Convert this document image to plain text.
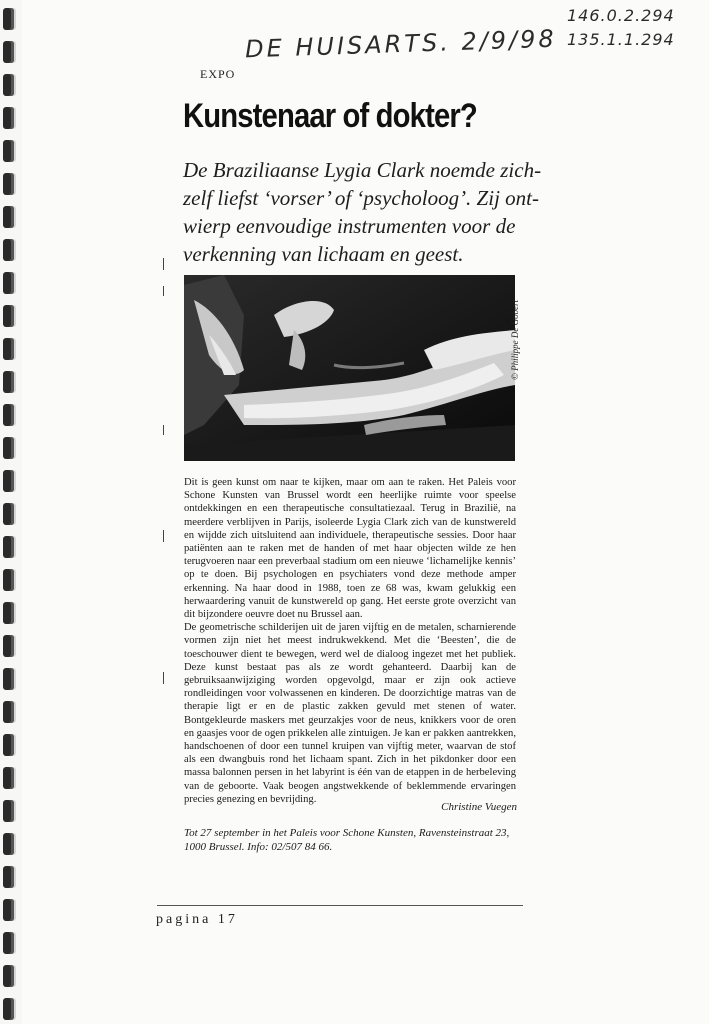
DE HUISARTS. 2/9/98
146.0.2.294
135.1.1.294
EXPO
Kunstenaar of dokter?
De Braziliaanse Lygia Clark noemde zich-
zelf liefst ‘vorser’ of ‘psycholoog’. Zij ont-
wierp eenvoudige instrumenten voor de
verkenning van lichaam en geest.
© Philippe De Gobert

Dit is geen kunst om naar te kijken, maar om aan te raken. Het Paleis voor Schone Kunsten van Brussel wordt een heerlijke ruimte voor speelse ontdekkingen en een therapeutische consultatiezaal. Terug in Brazilië, na meerdere verblijven in Parijs, isoleerde Lygia Clark zich van de kunstwereld en wijdde zich uitsluitend aan individuele, therapeutische sessies. Door haar patiënten aan te raken met de handen of met haar objecten wilde ze hen terugvoeren naar een preverbaal stadium om een nieuwe ‘lichamelijke kennis’ op te doen. Bij psychologen en psychiaters vond deze methode amper erkenning. Na haar dood in 1988, toen ze 68 was, kwam gelukkig een herwaardering vanuit de kunstwereld op gang. Het eerste grote overzicht van dit bijzondere oeuvre doet nu Brussel aan.

De geometrische schilderijen uit de jaren vijftig en de metalen, scharnierende vormen zijn niet het meest indrukwekkend. Met die ‘Beesten’, die de toeschouwer dient te bewegen, werd wel de dialoog ingezet met het publiek. Deze kunst bestaat pas als ze wordt gehanteerd. Daarbij kan de gebruiksaanwijziging worden opgevolgd, maar er zijn ook actieve rondleidingen voor volwassenen en kinderen. De doorzichtige matras van de therapie ligt er en de plastic zakken gevuld met stenen of water. Bontgekleurde maskers met geurzakjes voor de neus, knikkers voor de oren en gaasjes voor de ogen prikkelen alle zintuigen. Je kan er pakken aantrekken, handschoenen of door een tunnel kruipen van vijftig meter, waarvan de stof als een dwangbuis rond het lichaam spant. Zich in het pikdonker door een massa balonnen persen in het labyrint is één van de etappen in de herbeleving van de geboorte. Vaak beogen angstwekkende of beklemmende ervaringen precies genezing en bevrijding.

Christine Vuegen
Tot 27 september in het Paleis voor Schone Kunsten, Ravensteinstraat 23,
1000 Brussel. Info: 02/507 84 66.
pagina 17
